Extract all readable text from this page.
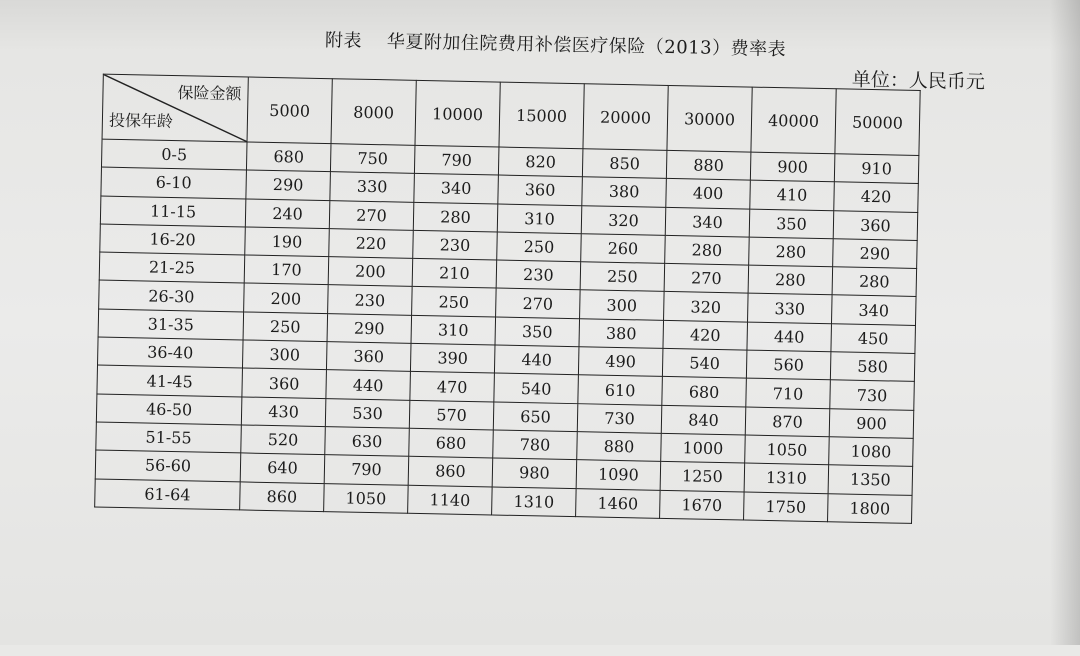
附表    华夏附加住院费用补偿医疗保险（2013）费率表
单位：人民币元
保险金额
投保年龄	5000	8000	10000	15000	20000	30000	40000	50000
0-5	680	750	790	820	850	880	900	910
6-10	290	330	340	360	380	400	410	420
11-15	240	270	280	310	320	340	350	360
16-20	190	220	230	250	260	280	280	290
21-25	170	200	210	230	250	270	280	280
26-30	200	230	250	270	300	320	330	340
31-35	250	290	310	350	380	420	440	450
36-40	300	360	390	440	490	540	560	580
41-45	360	440	470	540	610	680	710	730
46-50	430	530	570	650	730	840	870	900
51-55	520	630	680	780	880	1000	1050	1080
56-60	640	790	860	980	1090	1250	1310	1350
61-64	860	1050	1140	1310	1460	1670	1750	1800
